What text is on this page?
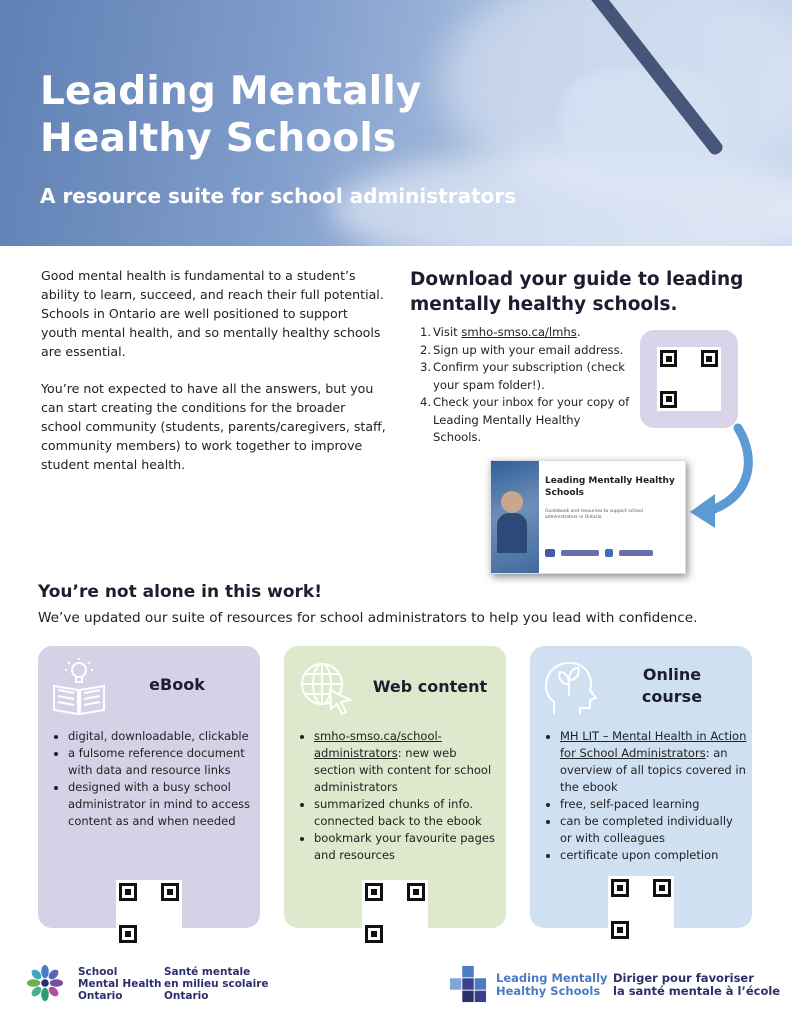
Leading Mentally Healthy Schools
A resource suite for school administrators

Good mental health is fundamental to a student’s ability to learn, succeed, and reach their full potential. Schools in Ontario are well positioned to support youth mental health, and so mentally healthy schools are essential.

You’re not expected to have all the answers, but you can start creating the conditions for the broader school community (students, parents/caregivers, staff, community members) to work together to improve student mental health.

Download your guide to leading mentally healthy schools.
1. Visit smho-smso.ca/lmhs.
2. Sign up with your email address.
3. Confirm your subscription (check your spam folder!).
4. Check your inbox for your copy of Leading Mentally Healthy Schools.
Leading Mentally Healthy Schools
Guidebook and resources to support school administrators in Ontario
You’re not alone in this work!
We’ve updated our suite of resources for school administrators to help you lead with confidence.
eBook
• digital, downloadable, clickable
• a fulsome reference document with data and resource links
• designed with a busy school administrator in mind to access content as and when needed
Web content
• smho-smso.ca/school-administrators: new web section with content for school administrators
• summarized chunks of info. connected back to the ebook
• bookmark your favourite pages and resources
Online
course
• MH LIT – Mental Health in Action for School Administrators: an overview of all topics covered in the ebook
• free, self-paced learning
• can be completed individually or with colleagues
• certificate upon completion
School
Mental Health
Ontario
Santé mentale
en milieu scolaire
Ontario
Leading Mentally
Healthy Schools
Diriger pour favoriser
la santé mentale à l’école
